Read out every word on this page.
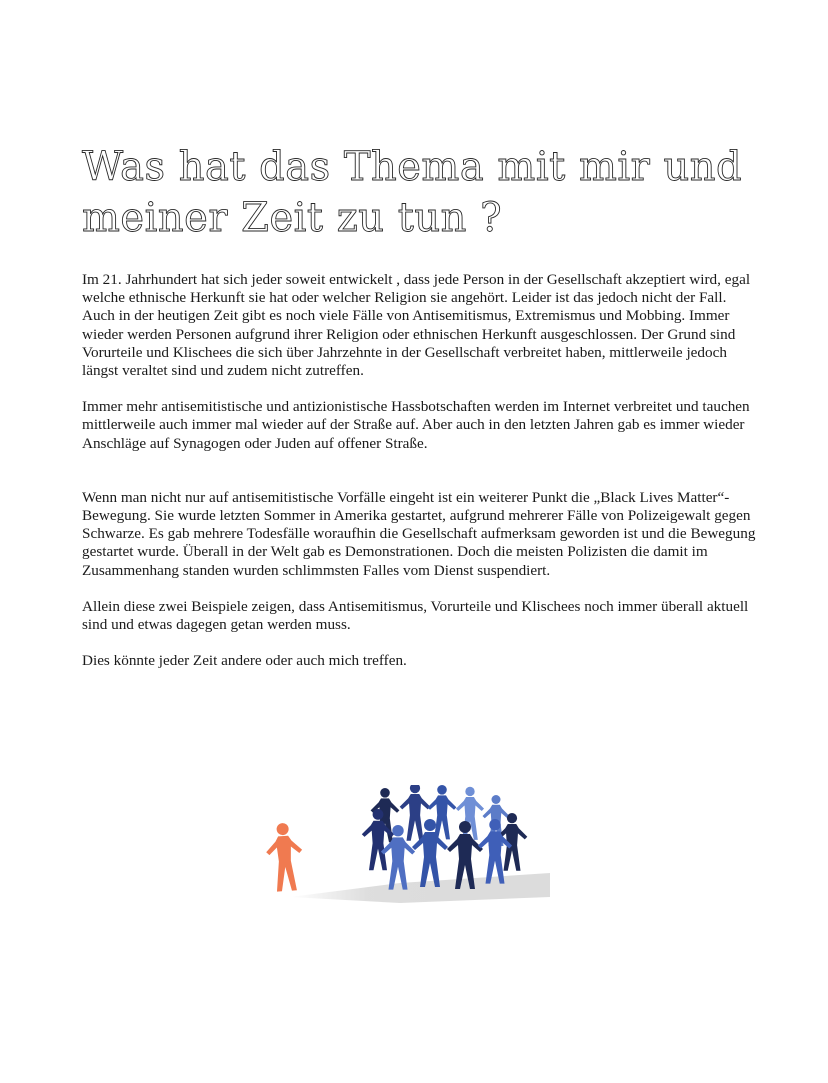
Was hat das Thema mit mir und meiner Zeit zu tun ?

Im 21. Jahrhundert hat sich jeder soweit entwickelt , dass jede Person in der Gesellschaft akzeptiert wird, egal welche ethnische Herkunft sie hat oder welcher Religion sie angehört. Leider ist das jedoch nicht der Fall. Auch in der heutigen Zeit gibt es noch viele Fälle von Antisemitismus, Extremismus und Mobbing. Immer wieder werden Personen aufgrund ihrer Religion oder ethnischen Herkunft ausgeschlossen. Der Grund sind Vorurteile und Klischees die sich über Jahrzehnte in der Gesellschaft verbreitet haben, mittlerweile jedoch längst veraltet sind und zudem nicht zutreffen.

Immer mehr antisemitistische und antizionistische Hassbotschaften werden im Internet verbreitet und tauchen mittlerweile auch immer mal wieder auf der Straße auf. Aber auch in den letzten Jahren gab es immer wieder Anschläge auf Synagogen oder Juden auf offener Straße.

Wenn man nicht nur auf antisemitistische Vorfälle eingeht ist ein weiterer Punkt die „Black Lives Matter“- Bewegung. Sie wurde letzten Sommer in Amerika gestartet, aufgrund mehrerer Fälle von Polizeigewalt gegen Schwarze. Es gab mehrere Todesfälle woraufhin die Gesellschaft aufmerksam geworden ist und die Bewegung gestartet wurde. Überall in der Welt gab es Demonstrationen. Doch die meisten Polizisten die damit im Zusammenhang standen wurden schlimmsten Falles vom Dienst suspendiert.

Allein diese zwei Beispiele zeigen, dass Antisemitismus, Vorurteile und Klischees noch immer überall aktuell sind und etwas dagegen getan werden muss.

Dies könnte jeder Zeit andere oder auch mich treffen.
